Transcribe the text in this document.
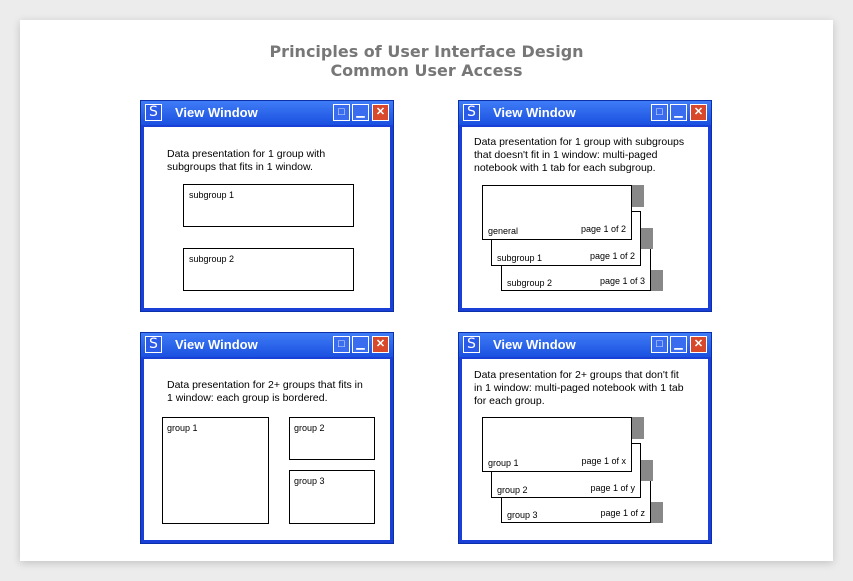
Principles of User Interface Design
Common User Access
S	View Window	□	▁	✕
Data presentation for 1 group with
subgroups that fits in 1 window.
subgroup 1
subgroup 2
S	View Window	□	▁	✕
Data presentation for 1 group with subgroups
that doesn't fit in 1 window: multi-paged
notebook with 1 tab for each subgroup.
subgroup 2	page 1 of 3
subgroup 1	page 1 of 2
general	page 1 of 2
S	View Window	□	▁	✕
Data presentation for 2+ groups that fits in
1 window: each group is bordered.
group 1	group 2
group 3
S	View Window	□	▁	✕
Data presentation for 2+ groups that don't fit
in 1 window: multi-paged notebook with 1 tab
for each group.
group 3	page 1 of z
group 2	page 1 of y
group 1	page 1 of x
